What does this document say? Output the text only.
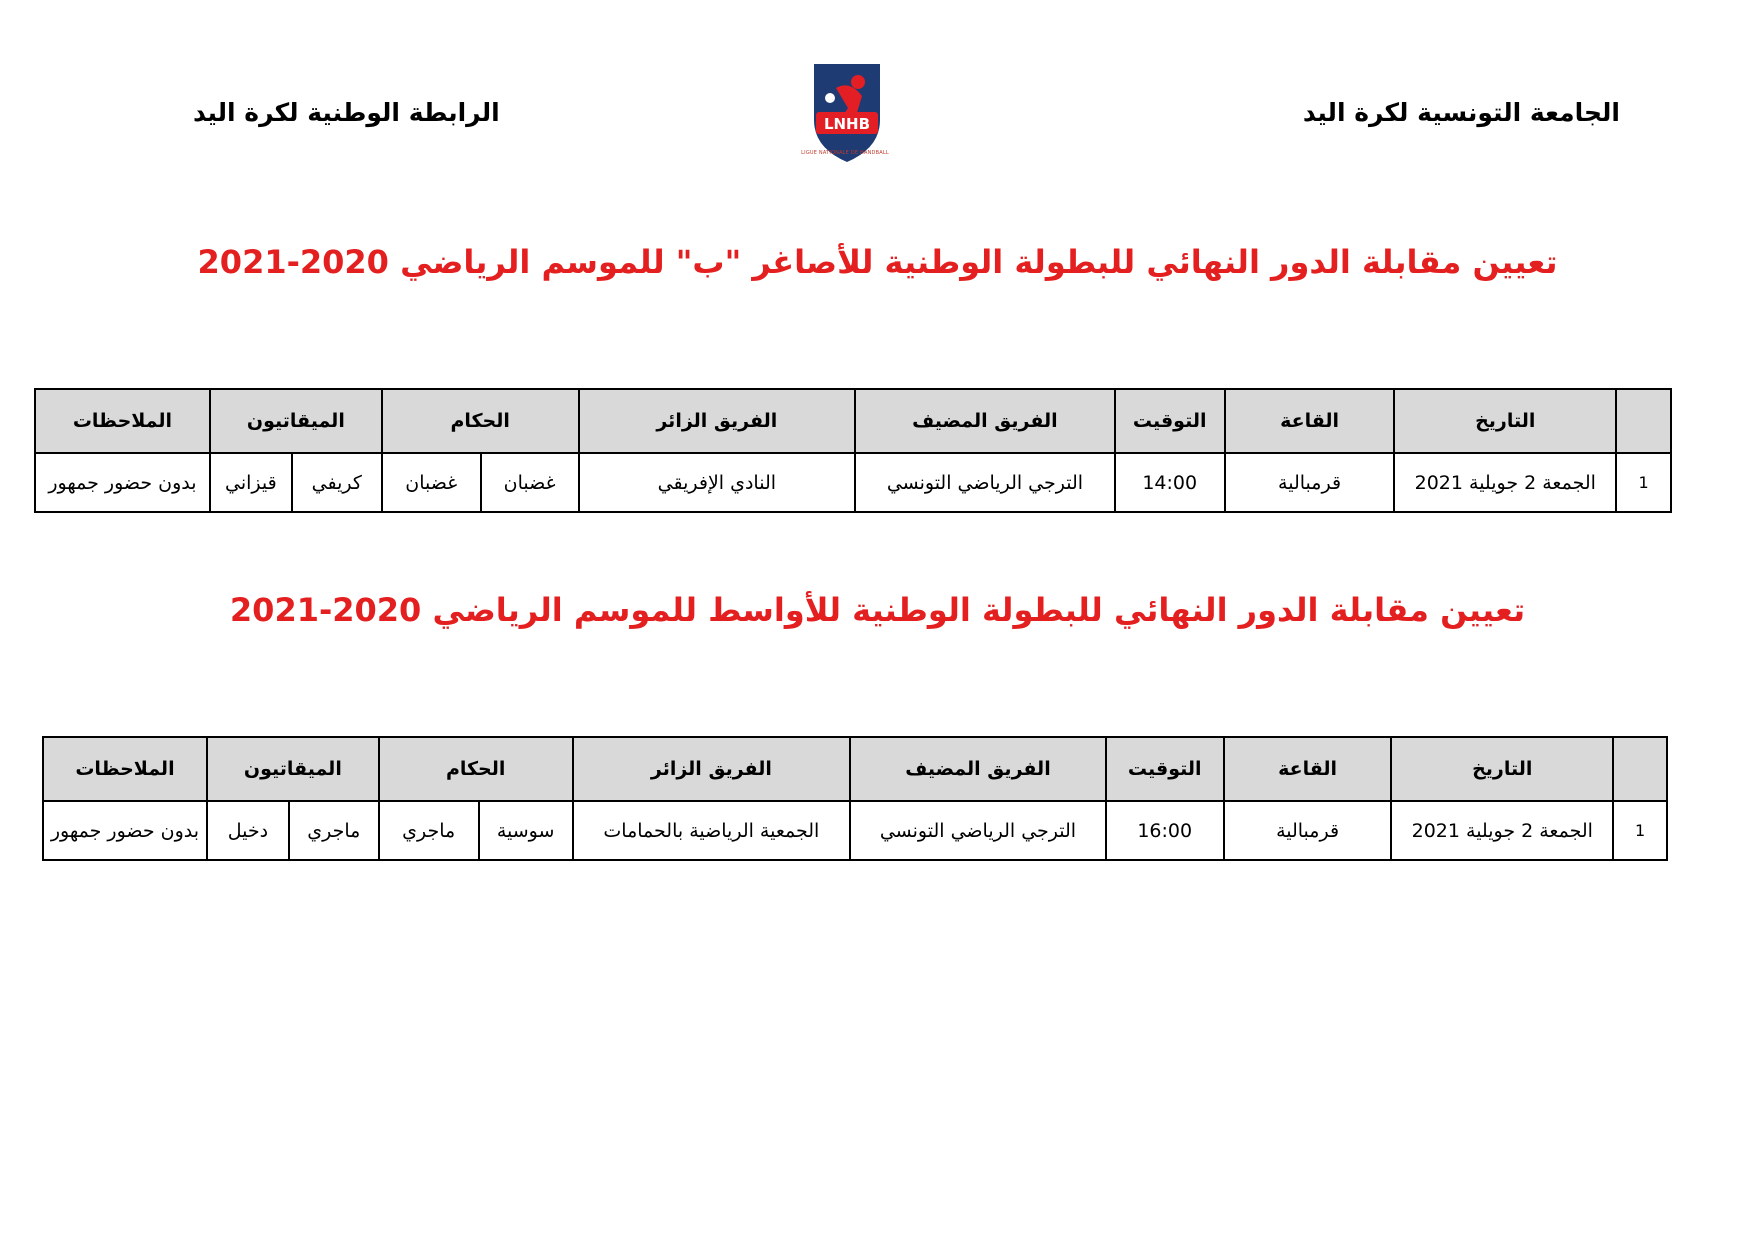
الجامعة التونسية لكرة اليد
الرابطة الوطنية لكرة اليد	LNHB
LIGUE NATIONALE DE HANDBALL
تعيين مقابلة الدور النهائي للبطولة الوطنية للأصاغر "ب" للموسم الرياضي 2020-2021
	التاريخ	القاعة	التوقيت	الفريق المضيف	الفريق الزائر	الحكام		الميقاتيون		الملاحظات
1	الجمعة 2 جويلية 2021	قرمبالية	14:00	الترجي الرياضي التونسي	النادي الإفريقي	غضبان	غضبان	كريفي	قيزاني	بدون حضور جمهور
تعيين مقابلة الدور النهائي للبطولة الوطنية للأواسط للموسم الرياضي 2020-2021
	التاريخ	القاعة	التوقيت	الفريق المضيف	الفريق الزائر	الحكام		الميقاتيون		الملاحظات
1	الجمعة 2 جويلية 2021	قرمبالية	16:00	الترجي الرياضي التونسي	الجمعية الرياضية بالحمامات	سوسية	ماجري	ماجري	دخيل	بدون حضور جمهور
